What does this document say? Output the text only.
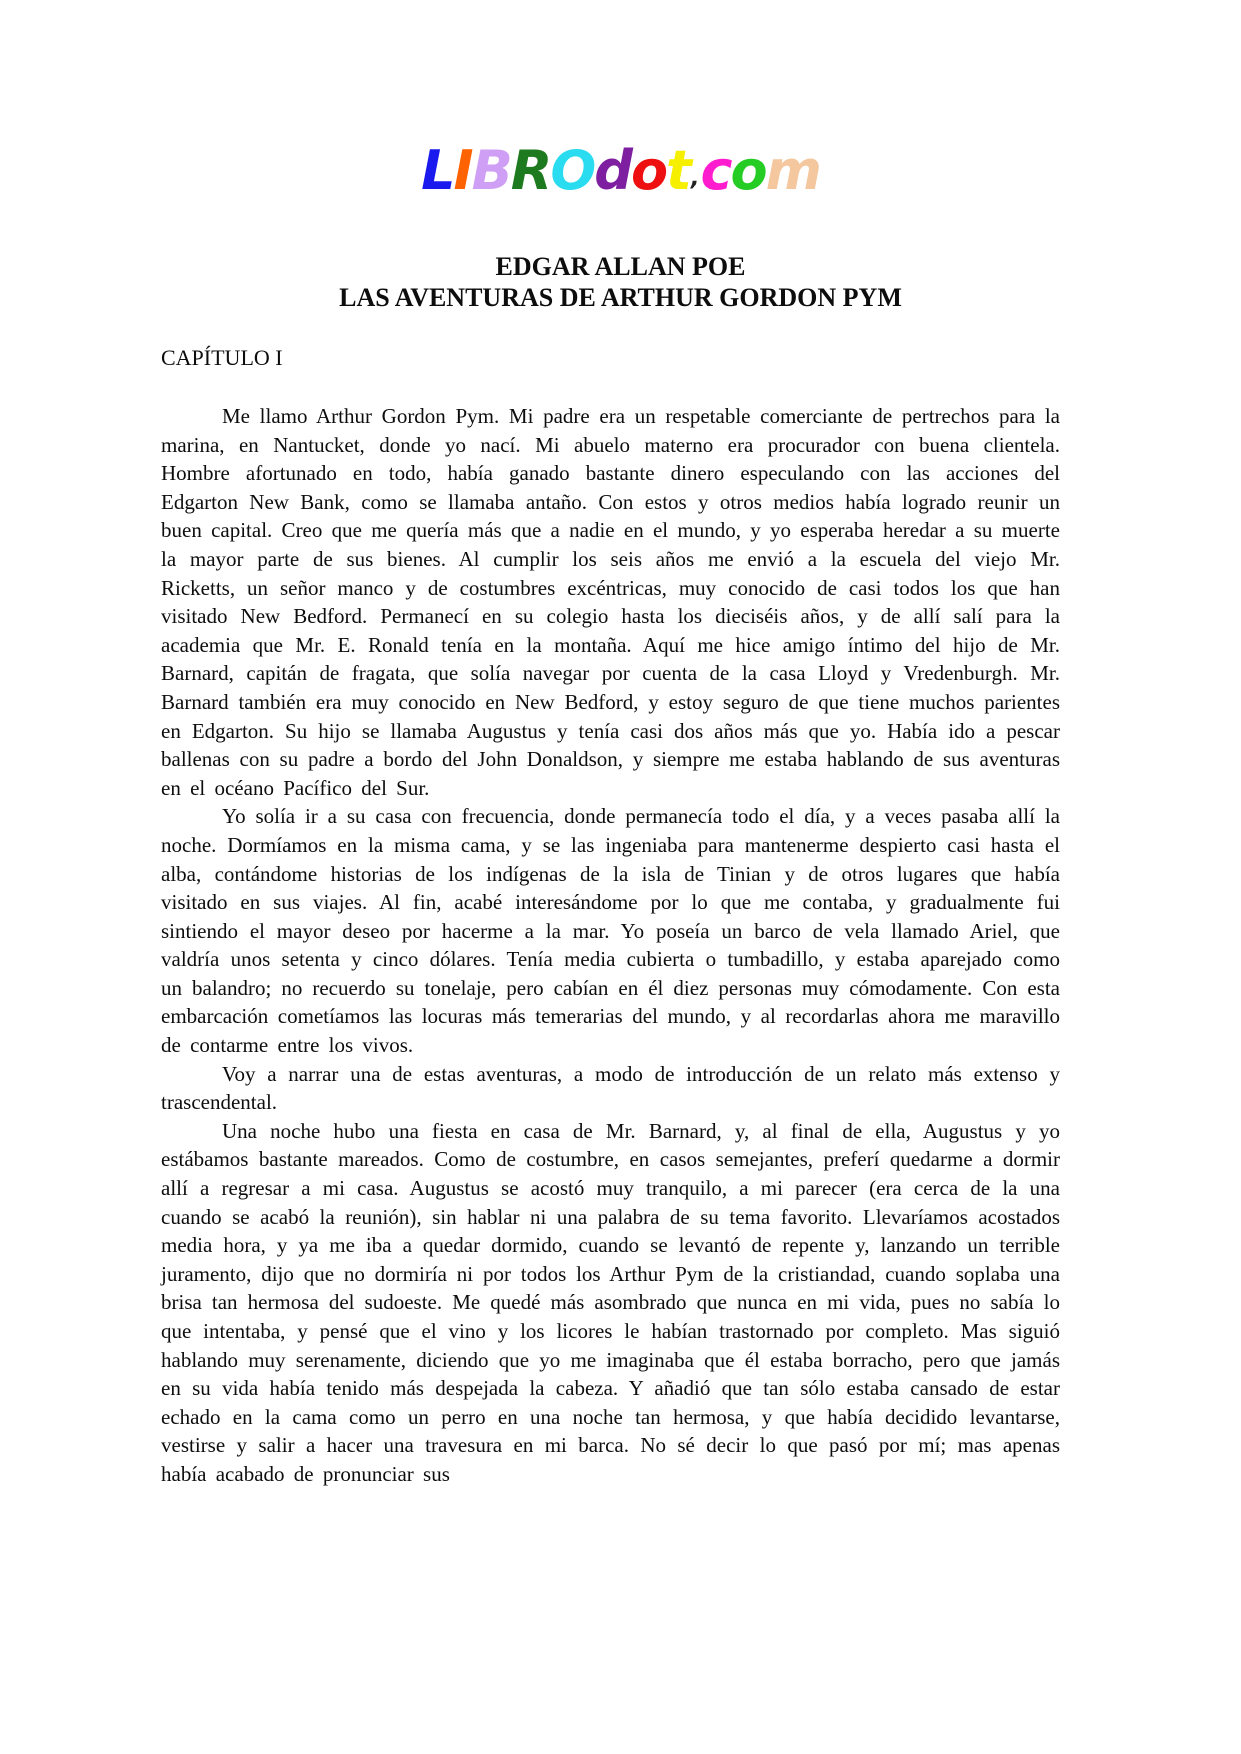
LIBROdot,com
EDGAR ALLAN POE
LAS AVENTURAS DE ARTHUR GORDON PYM
CAPÍTULO I

Me llamo Arthur Gordon Pym. Mi padre era un respetable comerciante de pertrechos para la marina, en Nantucket, donde yo nací. Mi abuelo materno era procurador con buena clientela. Hombre afortunado en todo, había ganado bastante dinero especulando con las acciones del Edgarton New Bank, como se llamaba antaño. Con estos y otros medios había logrado reunir un buen capital. Creo que me quería más que a nadie en el mundo, y yo esperaba heredar a su muerte la mayor parte de sus bienes. Al cumplir los seis años me envió a la escuela del viejo Mr. Ricketts, un señor manco y de costumbres excéntricas, muy conocido de casi todos los que han visitado New Bedford. Permanecí en su colegio hasta los dieciséis años, y de allí salí para la academia que Mr. E. Ronald tenía en la montaña. Aquí me hice amigo íntimo del hijo de Mr. Barnard, capitán de fragata, que solía navegar por cuenta de la casa Lloyd y Vredenburgh. Mr. Barnard también era muy conocido en New Bedford, y estoy seguro de que tiene muchos parientes en Edgarton. Su hijo se llamaba Augustus y tenía casi dos años más que yo. Había ido a pescar ballenas con su padre a bordo del John Donaldson, y siempre me estaba hablando de sus aventuras en el océano Pacífico del Sur.

Yo solía ir a su casa con frecuencia, donde permanecía todo el día, y a veces pasaba allí la noche. Dormíamos en la misma cama, y se las ingeniaba para mantenerme despierto casi hasta el alba, contándome historias de los indígenas de la isla de Tinian y de otros lugares que había visitado en sus viajes. Al fin, acabé interesándome por lo que me contaba, y gradualmente fui sintiendo el mayor deseo por hacerme a la mar. Yo poseía un barco de vela llamado Ariel, que valdría unos setenta y cinco dólares. Tenía media cubierta o tumbadillo, y estaba aparejado como un balandro; no recuerdo su tonelaje, pero cabían en él diez personas muy cómodamente. Con esta embarcación cometíamos las locuras más temerarias del mundo, y al recordarlas ahora me maravillo de contarme entre los vivos.

Voy a narrar una de estas aventuras, a modo de introducción de un relato más extenso y trascendental.

Una noche hubo una fiesta en casa de Mr. Barnard, y, al final de ella, Augustus y yo estábamos bastante mareados. Como de costumbre, en casos semejantes, preferí quedarme a dormir allí a regresar a mi casa. Augustus se acostó muy tranquilo, a mi parecer (era cerca de la una cuando se acabó la reunión), sin hablar ni una palabra de su tema favorito. Llevaríamos acostados media hora, y ya me iba a quedar dormido, cuando se levantó de repente y, lanzando un terrible juramento, dijo que no dormiría ni por todos los Arthur Pym de la cristiandad, cuando soplaba una brisa tan hermosa del sudoeste. Me quedé más asombrado que nunca en mi vida, pues no sabía lo que intentaba, y pensé que el vino y los licores le habían trastornado por completo. Mas siguió hablando muy serenamente, diciendo que yo me imaginaba que él estaba borracho, pero que jamás en su vida había tenido más despejada la cabeza. Y añadió que tan sólo estaba cansado de estar echado en la cama como un perro en una noche tan hermosa, y que había decidido levantarse, vestirse y salir a hacer una travesura en mi barca. No sé decir lo que pasó por mí; mas apenas había acabado de pronunciar sus
